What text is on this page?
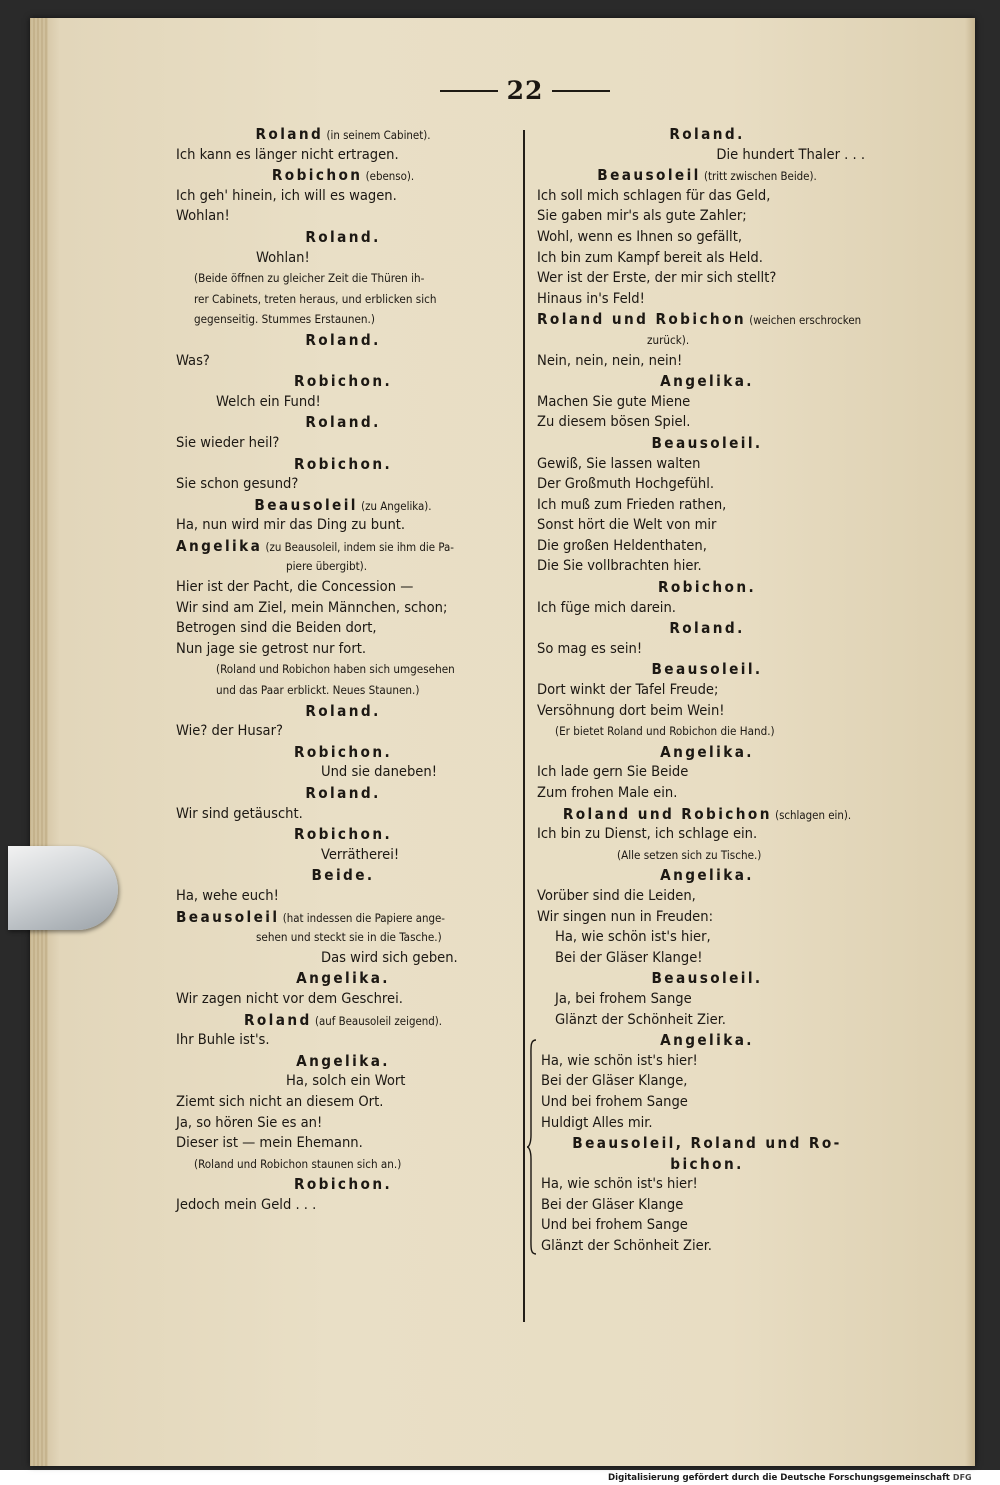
22
Roland (in seinem Cabinet).
Ich kann es länger nicht ertragen.
Robichon (ebenso).
Ich geh' hinein, ich will es wagen.
Wohlan!
Roland.
Wohlan!
(Beide öffnen zu gleicher Zeit die Thüren ih-
rer Cabinets, treten heraus, und erblicken sich
gegenseitig. Stummes Erstaunen.)
Roland.
Was?
Robichon.
Welch ein Fund!
Roland.
Sie wieder heil?
Robichon.
Sie schon gesund?
Beausoleil (zu Angelika).
Ha, nun wird mir das Ding zu bunt.
Angelika (zu Beausoleil, indem sie ihm die Pa-
piere übergibt).
Hier ist der Pacht, die Concession —
Wir sind am Ziel, mein Männchen, schon;
Betrogen sind die Beiden dort,
Nun jage sie getrost nur fort.
(Roland und Robichon haben sich umgesehen
und das Paar erblickt. Neues Staunen.)
Roland.
Wie? der Husar?
Robichon.
Und sie daneben!
Roland.
Wir sind getäuscht.
Robichon.
Verrätherei!
Beide.
Ha, wehe euch!
Beausoleil (hat indessen die Papiere ange-
sehen und steckt sie in die Tasche.)
Das wird sich geben.
Angelika.
Wir zagen nicht vor dem Geschrei.
Roland (auf Beausoleil zeigend).
Ihr Buhle ist's.
Angelika.
Ha, solch ein Wort
Ziemt sich nicht an diesem Ort.
Ja, so hören Sie es an!
Dieser ist — mein Ehemann.
(Roland und Robichon staunen sich an.)
Robichon.
Jedoch mein Geld . . .
Roland.
Die hundert Thaler . . .
Beausoleil (tritt zwischen Beide).
Ich soll mich schlagen für das Geld,
Sie gaben mir's als gute Zahler;
Wohl, wenn es Ihnen so gefällt,
Ich bin zum Kampf bereit als Held.
Wer ist der Erste, der mir sich stellt?
Hinaus in's Feld!
Roland und Robichon (weichen erschrocken
zurück).
Nein, nein, nein, nein!
Angelika.
Machen Sie gute Miene
Zu diesem bösen Spiel.
Beausoleil.
Gewiß, Sie lassen walten
Der Großmuth Hochgefühl.
Ich muß zum Frieden rathen,
Sonst hört die Welt von mir
Die großen Heldenthaten,
Die Sie vollbrachten hier.
Robichon.
Ich füge mich darein.
Roland.
So mag es sein!
Beausoleil.
Dort winkt der Tafel Freude;
Versöhnung dort beim Wein!
(Er bietet Roland und Robichon die Hand.)
Angelika.
Ich lade gern Sie Beide
Zum frohen Male ein.
Roland und Robichon (schlagen ein).
Ich bin zu Dienst, ich schlage ein.
(Alle setzen sich zu Tische.)
Angelika.
Vorüber sind die Leiden,
Wir singen nun in Freuden:
Ha, wie schön ist's hier,
Bei der Gläser Klange!
Beausoleil.
Ja, bei frohem Sange
Glänzt der Schönheit Zier.
Angelika.
Ha, wie schön ist's hier!
Bei der Gläser Klange,
Und bei frohem Sange
Huldigt Alles mir.
Beausoleil, Roland und Ro-
bichon.
Ha, wie schön ist's hier!
Bei der Gläser Klange
Und bei frohem Sange
Glänzt der Schönheit Zier.
Digitalisierung gefördert durch die Deutsche Forschungsgemeinschaft DFG
